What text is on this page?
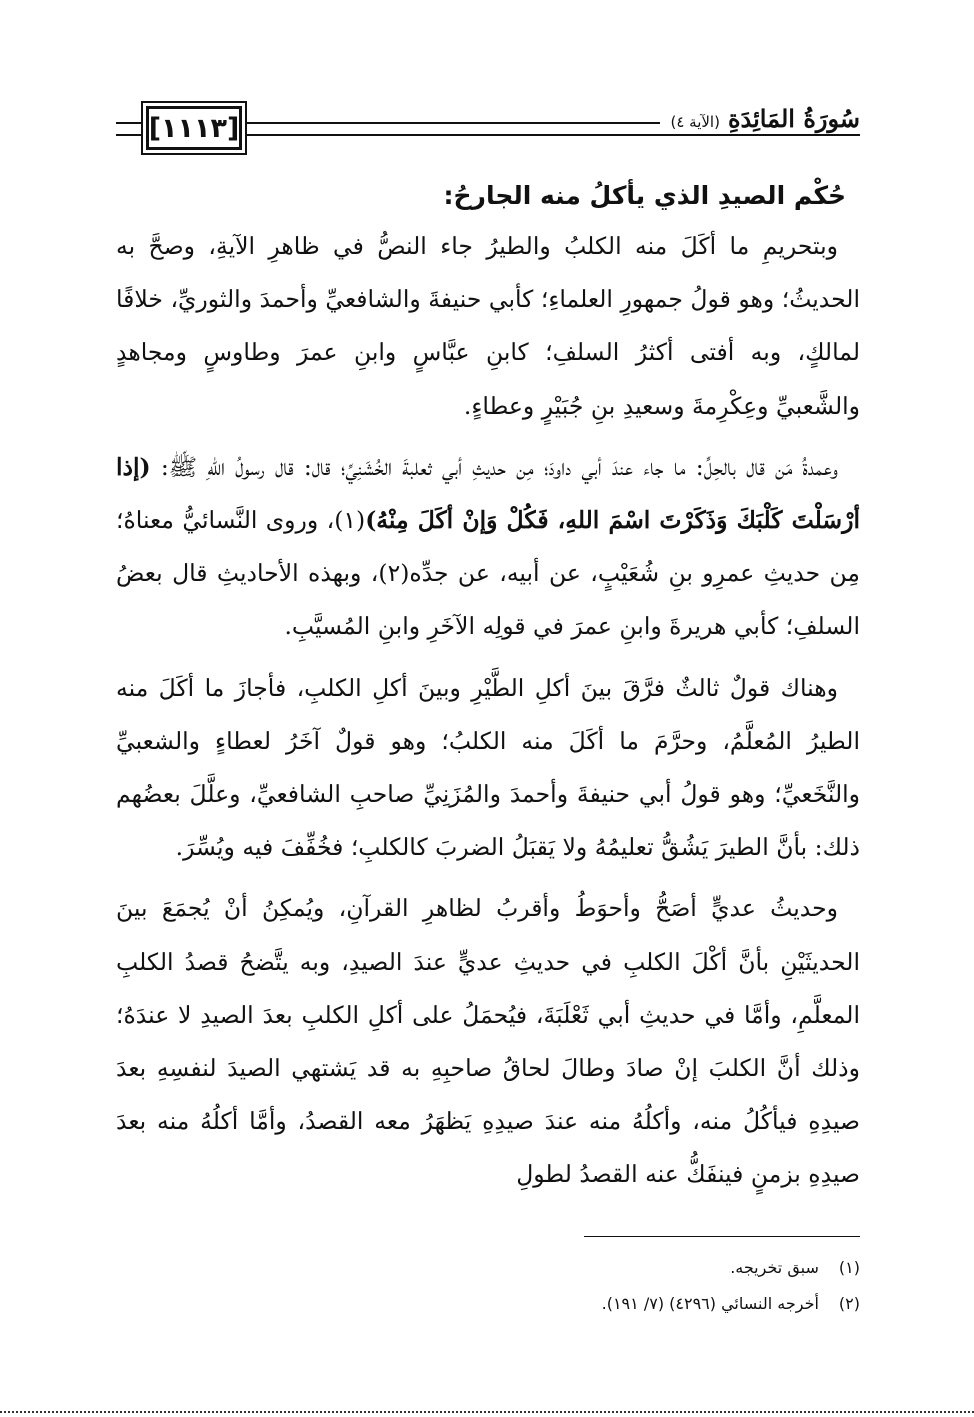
[١١١٣]	سُورَةُ المَائِدَةِ
(الآية ٤)
حُكْم الصيدِ الذي يأكلُ منه الجارحُ:

وبتحريمِ ما أكَلَ منه الكلبُ والطيرُ جاء النصُّ في ظاهرِ الآيةِ، وصحَّ به الحديثُ؛ وهو قولُ جمهورِ العلماءِ؛ كأبي حنيفةَ والشافعيِّ وأحمدَ والثوريِّ، خلافًا لمالكٍ، وبه أفتى أكثرُ السلفِ؛ كابنِ عبَّاسٍ وابنِ عمرَ وطاوسٍ ومجاهدٍ والشَّعبيِّ وعِكْرِمةَ وسعيدِ بنِ جُبَيْرٍ وعطاءٍ.

وعمدةُ مَن قال بالحِلِّ: ما جاء عندَ أبي داودَ؛ مِن حديثِ أبي ثعلبةَ الخُشَنِيِّ؛ قال: قال رسولُ اللهِ ﷺ: (إذا أرْسَلْتَ كَلْبَكَ وَذَكَرْتَ اسْمَ اللهِ، فَكُلْ وَإنْ أكَلَ مِنْهُ)(١)، وروى النَّسائيُّ معناهُ؛ مِن حديثِ عمرِو بنِ شُعَيْبٍ، عن أبيه، عن جدِّه(٢)، وبهذه الأحاديثِ قال بعضُ السلفِ؛ كأبي هريرةَ وابنِ عمرَ في قولِه الآخَرِ وابنِ المُسيَّبِ.

وهناك قولٌ ثالثٌ فرَّقَ بينَ أكلِ الطَّيْرِ وبينَ أكلِ الكلبِ، فأجازَ ما أكَلَ منه الطيرُ المُعلَّمُ، وحرَّمَ ما أكَلَ منه الكلبُ؛ وهو قولٌ آخَرُ لعطاءٍ والشعبيِّ والنَّخَعيِّ؛ وهو قولُ أبي حنيفةَ وأحمدَ والمُزَنِيِّ صاحبِ الشافعيِّ، وعلَّلَ بعضُهم ذلك: بأنَّ الطيرَ يَشُقُّ تعليمُهُ ولا يَقبَلُ الضربَ كالكلبِ؛ فخُفِّفَ فيه ويُسِّرَ.

وحديثُ عديٍّ أصَحُّ وأحوَطُ وأقربُ لظاهرِ القرآنِ، ويُمكِنُ أنْ يُجمَعَ بينَ الحديثَيْنِ بأنَّ أكْلَ الكلبِ في حديثِ عديٍّ عندَ الصيدِ، وبه يتَّضحُ قصدُ الكلبِ المعلَّمِ، وأمَّا في حديثِ أبي ثَعْلَبَةَ، فيُحمَلُ على أكلِ الكلبِ بعدَ الصيدِ لا عندَهُ؛ وذلك أنَّ الكلبَ إنْ صادَ وطالَ لحاقُ صاحبِهِ به قد يَشتهي الصيدَ لنفسِهِ بعدَ صيدِهِ فيأكُلُ منه، وأكلُهُ منه عندَ صيدِهِ يَظهَرُ معه القصدُ، وأمَّا أكلُهُ منه بعدَ صيدِهِ بزمنٍ فينفَكُّ عنه القصدُ لطولِ

(١) سبق تخريجه.
(٢) أخرجه النسائي (٤٢٩٦) (٧/ ١٩١).
